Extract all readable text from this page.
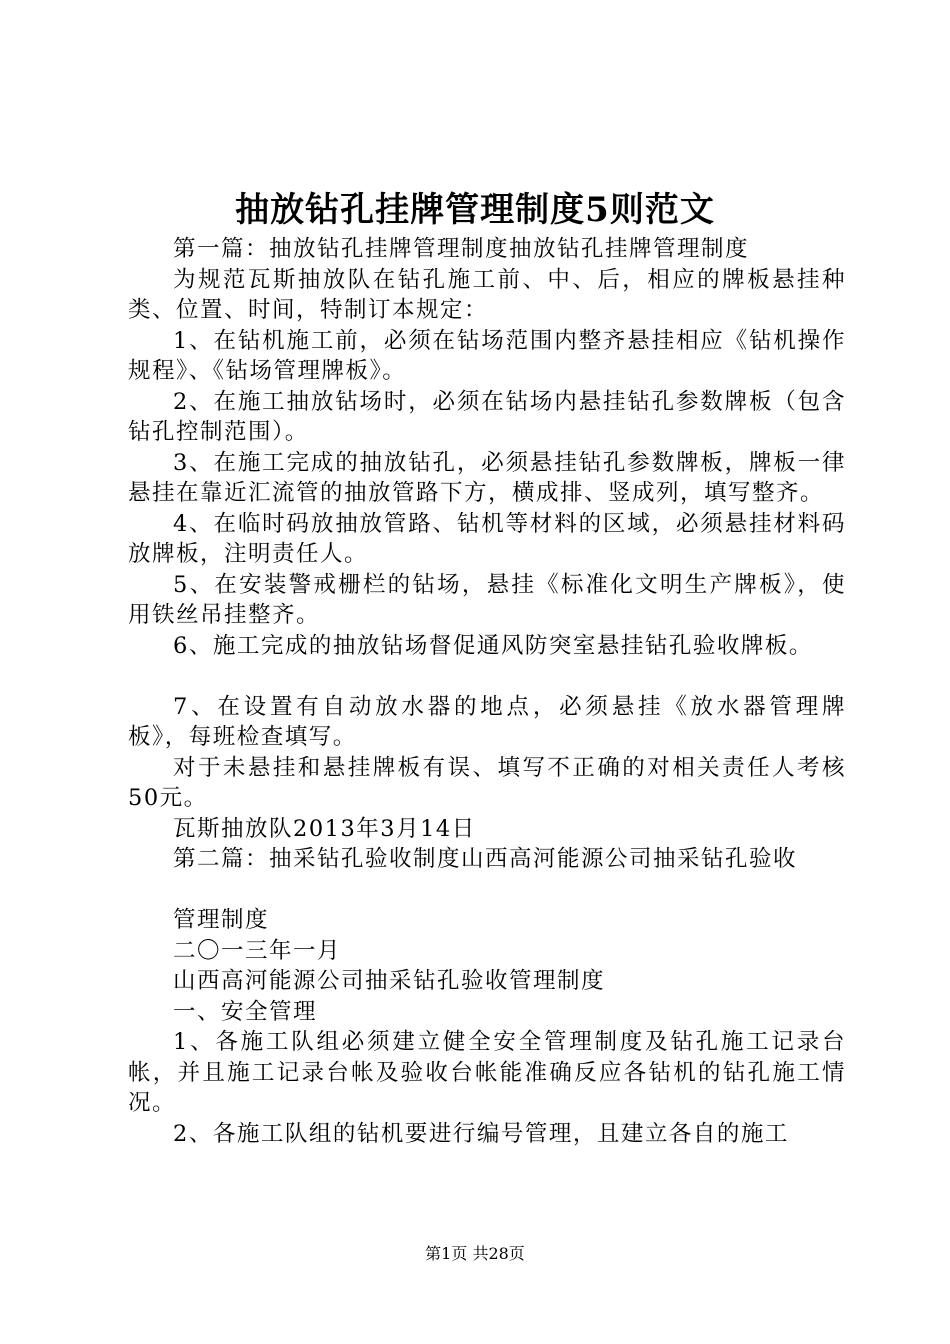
抽放钻孔挂牌管理制度5则范文

第一篇：抽放钻孔挂牌管理制度抽放钻孔挂牌管理制度

为规范瓦斯抽放队在钻孔施工前、中、后，相应的牌板悬挂种类、位置、时间，特制订本规定：

1、在钻机施工前，必须在钻场范围内整齐悬挂相应《钻机操作规程》、《钻场管理牌板》。

2、在施工抽放钻场时，必须在钻场内悬挂钻孔参数牌板（包含钻孔控制范围）。

3、在施工完成的抽放钻孔，必须悬挂钻孔参数牌板，牌板一律悬挂在靠近汇流管的抽放管路下方，横成排、竖成列，填写整齐。

4、在临时码放抽放管路、钻机等材料的区域，必须悬挂材料码放牌板，注明责任人。

5、在安装警戒栅栏的钻场，悬挂《标准化文明生产牌板》，使用铁丝吊挂整齐。

6、施工完成的抽放钻场督促通风防突室悬挂钻孔验收牌板。

7、在设置有自动放水器的地点，必须悬挂《放水器管理牌板》，每班检查填写。

对于未悬挂和悬挂牌板有误、填写不正确的对相关责任人考核50元。

瓦斯抽放队2013年3月14日

第二篇：抽采钻孔验收制度山西高河能源公司抽采钻孔验收

管理制度

二〇一三年一月

山西高河能源公司抽采钻孔验收管理制度

一、安全管理

1、各施工队组必须建立健全安全管理制度及钻孔施工记录台帐，并且施工记录台帐及验收台帐能准确反应各钻机的钻孔施工情况。

2、各施工队组的钻机要进行编号管理，且建立各自的施工

第1页 共28页
